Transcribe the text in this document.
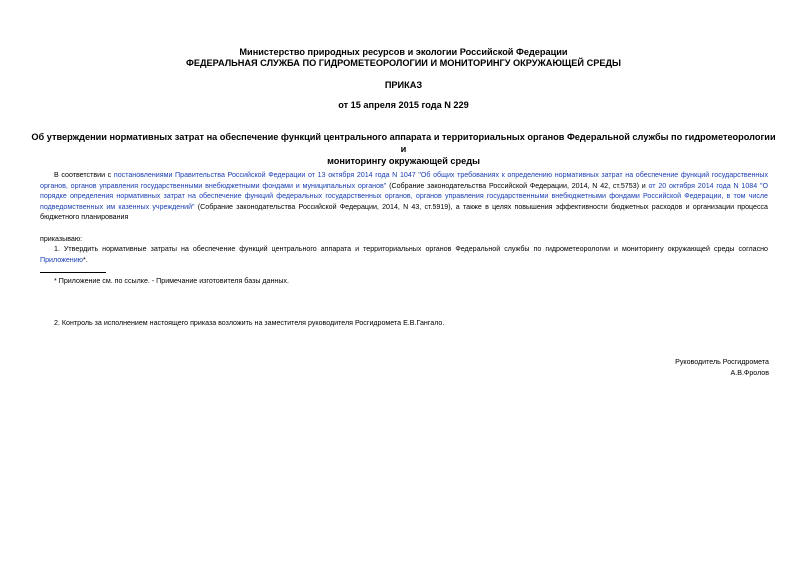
Министерство природных ресурсов и экологии Российской Федерации
ФЕДЕРАЛЬНАЯ СЛУЖБА ПО ГИДРОМЕТЕОРОЛОГИИ И МОНИТОРИНГУ ОКРУЖАЮЩЕЙ СРЕДЫ
ПРИКАЗ
от 15 апреля 2015 года N 229
Об утверждении нормативных затрат на обеспечение функций центрального аппарата и территориальных органов Федеральной службы по гидрометеорологии и
мониторингу окружающей среды
В соответствии с постановлениями Правительства Российской Федерации от 13 октября 2014 года N 1047 "Об общих требованиях к определению нормативных затрат на обеспечение функций государственных органов, органов управления государственными внебюджетными фондами и муниципальных органов" (Собрание законодательства Российской Федерации, 2014, N 42, ст.5753) и от 20 октября 2014 года N 1084 "О порядке определения нормативных затрат на обеспечение функций федеральных государственных органов, органов управления государственными внебюджетными фондами Российской Федерации, в том числе подведомственных им казенных учреждений" (Собрание законодательства Российской Федерации, 2014, N 43, ст.5919), а также в целях повышения эффективности бюджетных расходов и организации процесса бюджетного планирования
приказываю:
1. Утвердить нормативные затраты на обеспечение функций центрального аппарата и территориальных органов Федеральной службы по гидрометеорологии и мониторингу окружающей среды согласно Приложению*.
* Приложение см. по ссылке. - Примечание изготовителя базы данных.
2. Контроль за исполнением настоящего приказа возложить на заместителя руководителя Росгидромета Е.В.Гангало.
Руководитель Росгидромета
А.В.Фролов
